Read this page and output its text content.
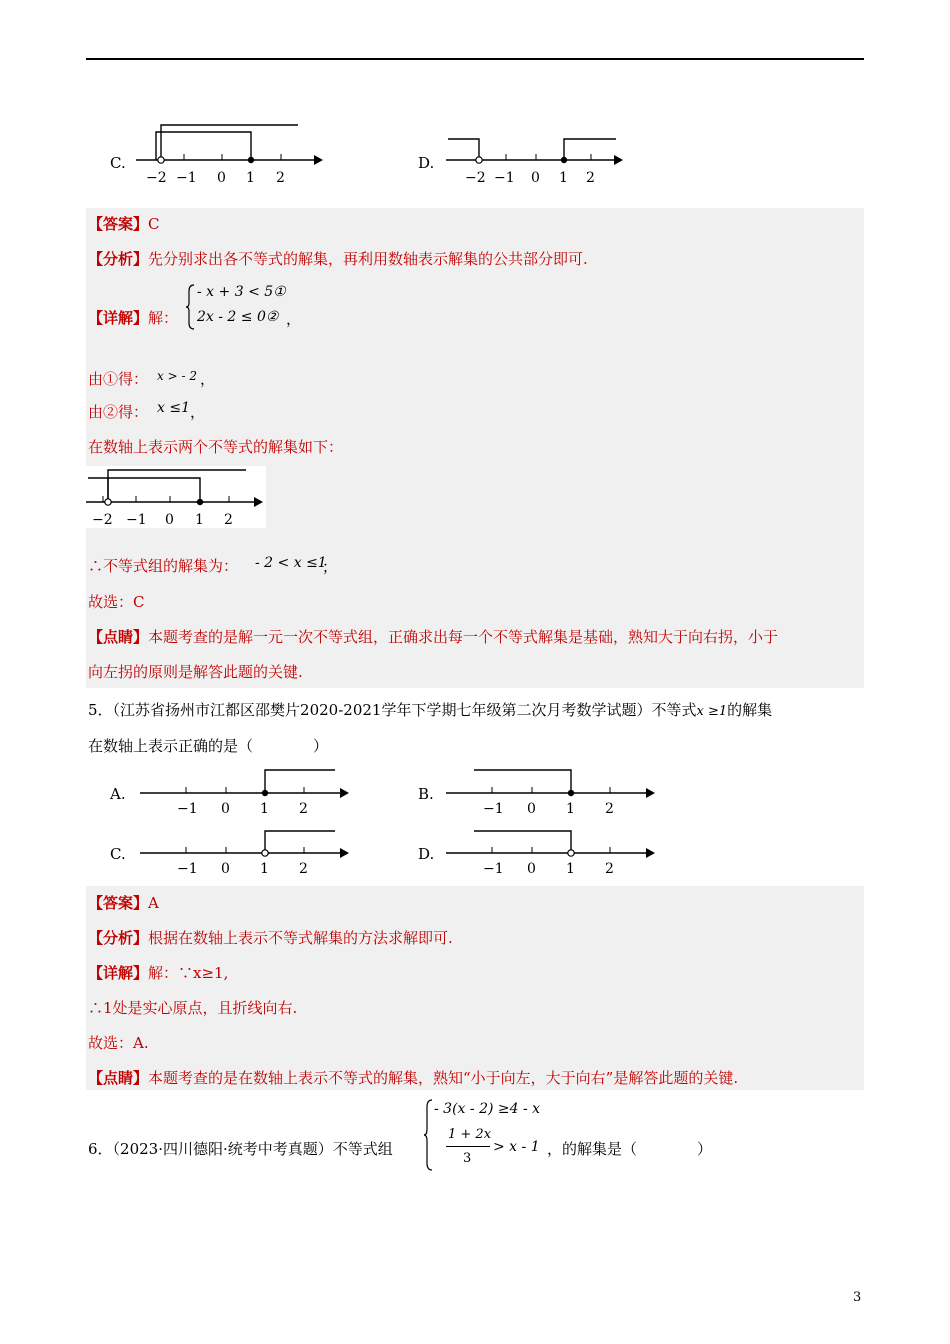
C.
−2 −1 0 1 2
D.
−2 −1 0 1 2
【答案】C
【分析】先分别求出各不等式的解集，再利用数轴表示解集的公共部分即可.
【详解】解：
- x + 3 < 5①
2x - 2 ≤ 0② ，
由①得： x > - 2 ，
由②得： x ≤1 ，
在数轴上表示两个不等式的解集如下：
−2 −1 0 1 2
∴不等式组的解集为： - 2 < x ≤1
；
故选：C
【点睛】本题考查的是解一元一次不等式组，正确求出每一个不等式解集是基础，熟知大于向右拐，小于
向左拐的原则是解答此题的关键.
5．（江苏省扬州市江都区邵樊片2020-2021学年下学期七年级第二次月考数学试题）不等式x ≥1的解集
在数轴上表示正确的是（　　　　）
A.
−1 0 1 2
B.
−1 0 1 2
C.
−1 0 1 2
D.
−1 0 1 2
【答案】A
【分析】根据在数轴上表示不等式解集的方法求解即可.
【详解】解：∵x≥1,
∴1处是实心原点，且折线向右.
故选：A.
【点睛】本题考查的是在数轴上表示不等式的解集，熟知“小于向左，大于向右”是解答此题的关键.
6．（2023·四川德阳·统考中考真题）不等式组
- 3(x - 2) ≥4 - x
1 + 2x
3
> x - 1 ，的解集是（　　　　）
3
